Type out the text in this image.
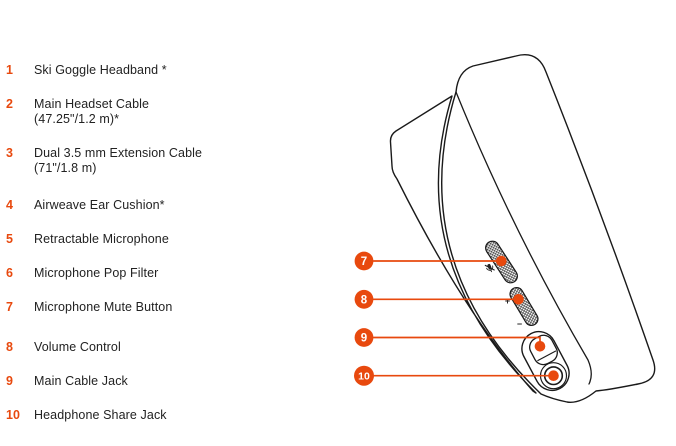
1	Ski Goggle Headband *
2	Main Headset Cable
(47.25"/1.2 m)*
3	Dual 3.5 mm Extension Cable
(71"/1.8 m)
4	Airweave Ear Cushion*
5	Retractable Microphone
6	Microphone Pop Filter
7	Microphone Mute Button
8	Volume Control
9	Main Cable Jack
10	Headphone Share Jack
+
−
7
8
9
10
